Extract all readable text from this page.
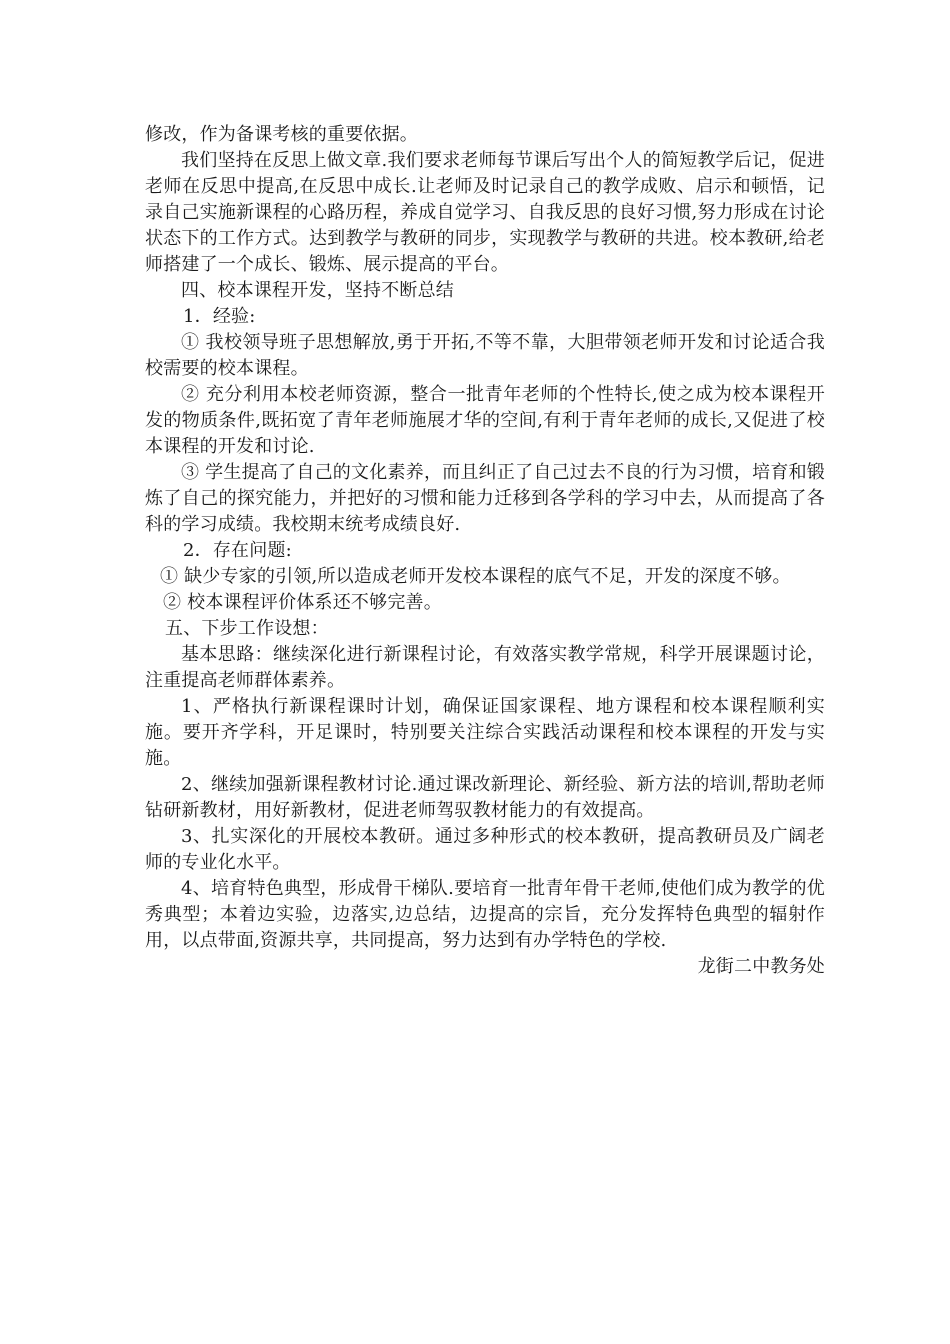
修改，作为备课考核的重要依据。

我们坚持在反思上做文章.我们要求老师每节课后写出个人的简短教学后记，促进老师在反思中提高,在反思中成长.让老师及时记录自己的教学成败、启示和顿悟，记录自己实施新课程的心路历程，养成自觉学习、自我反思的良好习惯,努力形成在讨论状态下的工作方式。达到教学与教研的同步，实现教学与教研的共进。校本教研,给老师搭建了一个成长、锻炼、展示提高的平台。

四、校本课程开发，坚持不断总结

1．经验:

① 我校领导班子思想解放,勇于开拓,不等不靠，大胆带领老师开发和讨论适合我校需要的校本课程。

② 充分利用本校老师资源，整合一批青年老师的个性特长,使之成为校本课程开发的物质条件,既拓宽了青年老师施展才华的空间,有利于青年老师的成长,又促进了校本课程的开发和讨论.

③ 学生提高了自己的文化素养，而且纠正了自己过去不良的行为习惯，培育和锻炼了自己的探究能力，并把好的习惯和能力迁移到各学科的学习中去，从而提高了各科的学习成绩。我校期末统考成绩良好.

2．存在问题:

① 缺少专家的引领,所以造成老师开发校本课程的底气不足，开发的深度不够。

② 校本课程评价体系还不够完善。

五、下步工作设想：

基本思路：继续深化进行新课程讨论，有效落实教学常规，科学开展课题讨论，注重提高老师群体素养。

1、严格执行新课程课时计划，确保证国家课程、地方课程和校本课程顺利实施。要开齐学科，开足课时，特别要关注综合实践活动课程和校本课程的开发与实施。

2、继续加强新课程教材讨论.通过课改新理论、新经验、新方法的培训,帮助老师钻研新教材，用好新教材，促进老师驾驭教材能力的有效提高。

3、扎实深化的开展校本教研。通过多种形式的校本教研，提高教研员及广阔老师的专业化水平。

4、培育特色典型，形成骨干梯队.要培育一批青年骨干老师,使他们成为教学的优秀典型；本着边实验，边落实,边总结，边提高的宗旨，充分发挥特色典型的辐射作用，以点带面,资源共享，共同提高，努力达到有办学特色的学校.

龙街二中教务处
